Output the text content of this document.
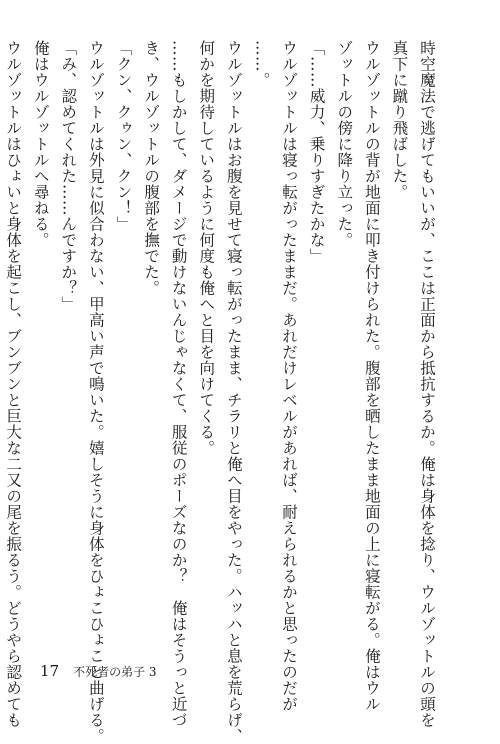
時空魔法で逃げてもいいが、ここは正面から抵抗するか。俺は身体を捻り、ウルゾットルの頭を
真下に蹴り飛ばした。
ウルゾットルの背が地面に叩き付けられた。腹部を晒したまま地面の上に寝転がる。俺はウル
ゾットルの傍に降り立った。
「……威力、乗りすぎたかな」
ウルゾットルは寝っ転がったままだ。あれだけレベルがあれば、耐えられるかと思ったのだが
……。
ウルゾットルはお腹を見せて寝っ転がったまま、チラリと俺へ目をやった。ハッハと息を荒らげ、
何かを期待しているように何度も俺へと目を向けてくる。
……もしかして、ダメージで動けないんじゃなくて、服従のポーズなのか？　俺はそうっと近づ
き、ウルゾットルの腹部を撫でた。
「クン、クゥン、クン！」
ウルゾットルは外見に似合わない、甲高い声で鳴いた。嬉しそうに身体をひょこひょこと曲げる。
「み、認めてくれた……んですか？」
俺はウルゾットルへ尋ねる。
ウルゾットルはひょいと身体を起こし、ブンブンと巨大な二又の尾を振るう。どうやら認めても 17 不死者の弟子 3
